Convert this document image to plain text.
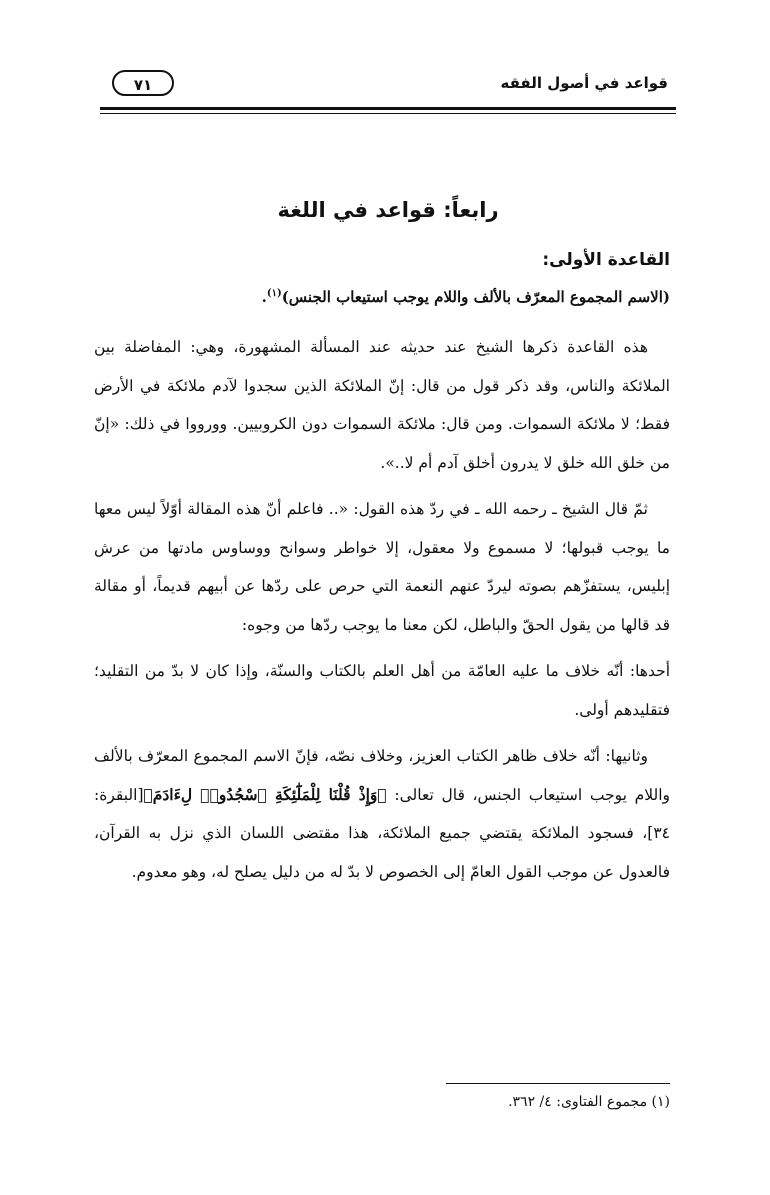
قواعد في أصول الفقه
٧١
رابعاً: قواعد في اللغة
القاعدة الأولى:
(الاسم المجموع المعرّف بالألف واللام يوجب استيعاب الجنس)$^{(١)}$.

هذه القاعدة ذكرها الشيخ عند حديثه عند المسألة المشهورة، وهي: المفاضلة بين الملائكة والناس، وقد ذكر قول من قال: إنّ الملائكة الذين سجدوا لآدم ملائكة في الأرض فقط؛ لا ملائكة السموات. ومن قال: ملائكة السموات دون الكروبيين. وورووا في ذلك: «إنّ من خلق الله خلق لا يدرون أخلق آدم أم لا..».

ثمّ قال الشيخ ـ رحمه الله ـ في ردّ هذه القول: «.. فاعلم أنّ هذه المقالة أوّلاً ليس معها ما يوجب قبولها؛ لا مسموع ولا معقول، إلا خواطر وسوانح ووساوس مادتها من عرش إبليس، يستفزّهم بصوته ليردّ عنهم النعمة التي حرص على ردّها عن أبيهم قديماً، أو مقالة قد قالها من يقول الحقّ والباطل، لكن معنا ما يوجب ردّها من وجوه:

أحدها: أنّه خلاف ما عليه العامّة من أهل العلم بالكتاب والسنّة، وإذا كان لا بدّ من التقليد؛ فتقليدهم أولى.

وثانيها: أنّه خلاف ظاهر الكتاب العزيز، وخلاف نصّه، فإنّ الاسم المجموع المعرّف بالألف واللام يوجب استيعاب الجنس، قال تعالى: ﴿وَإِذْ قُلْنَا لِلْمَلَٰٓئِكَةِ ٱسْجُدُوا۟ لِءَادَمَ﴾[البقرة: ٣٤]، فسجود الملائكة يقتضي جميع الملائكة، هذا مقتضى اللسان الذي نزل به القرآن، فالعدول عن موجب القول العامّ إلى الخصوص لا بدّ له من دليل يصلح له، وهو معدوم.

(١) مجموع الفتاوى: ٤/ ٣٦٢.
